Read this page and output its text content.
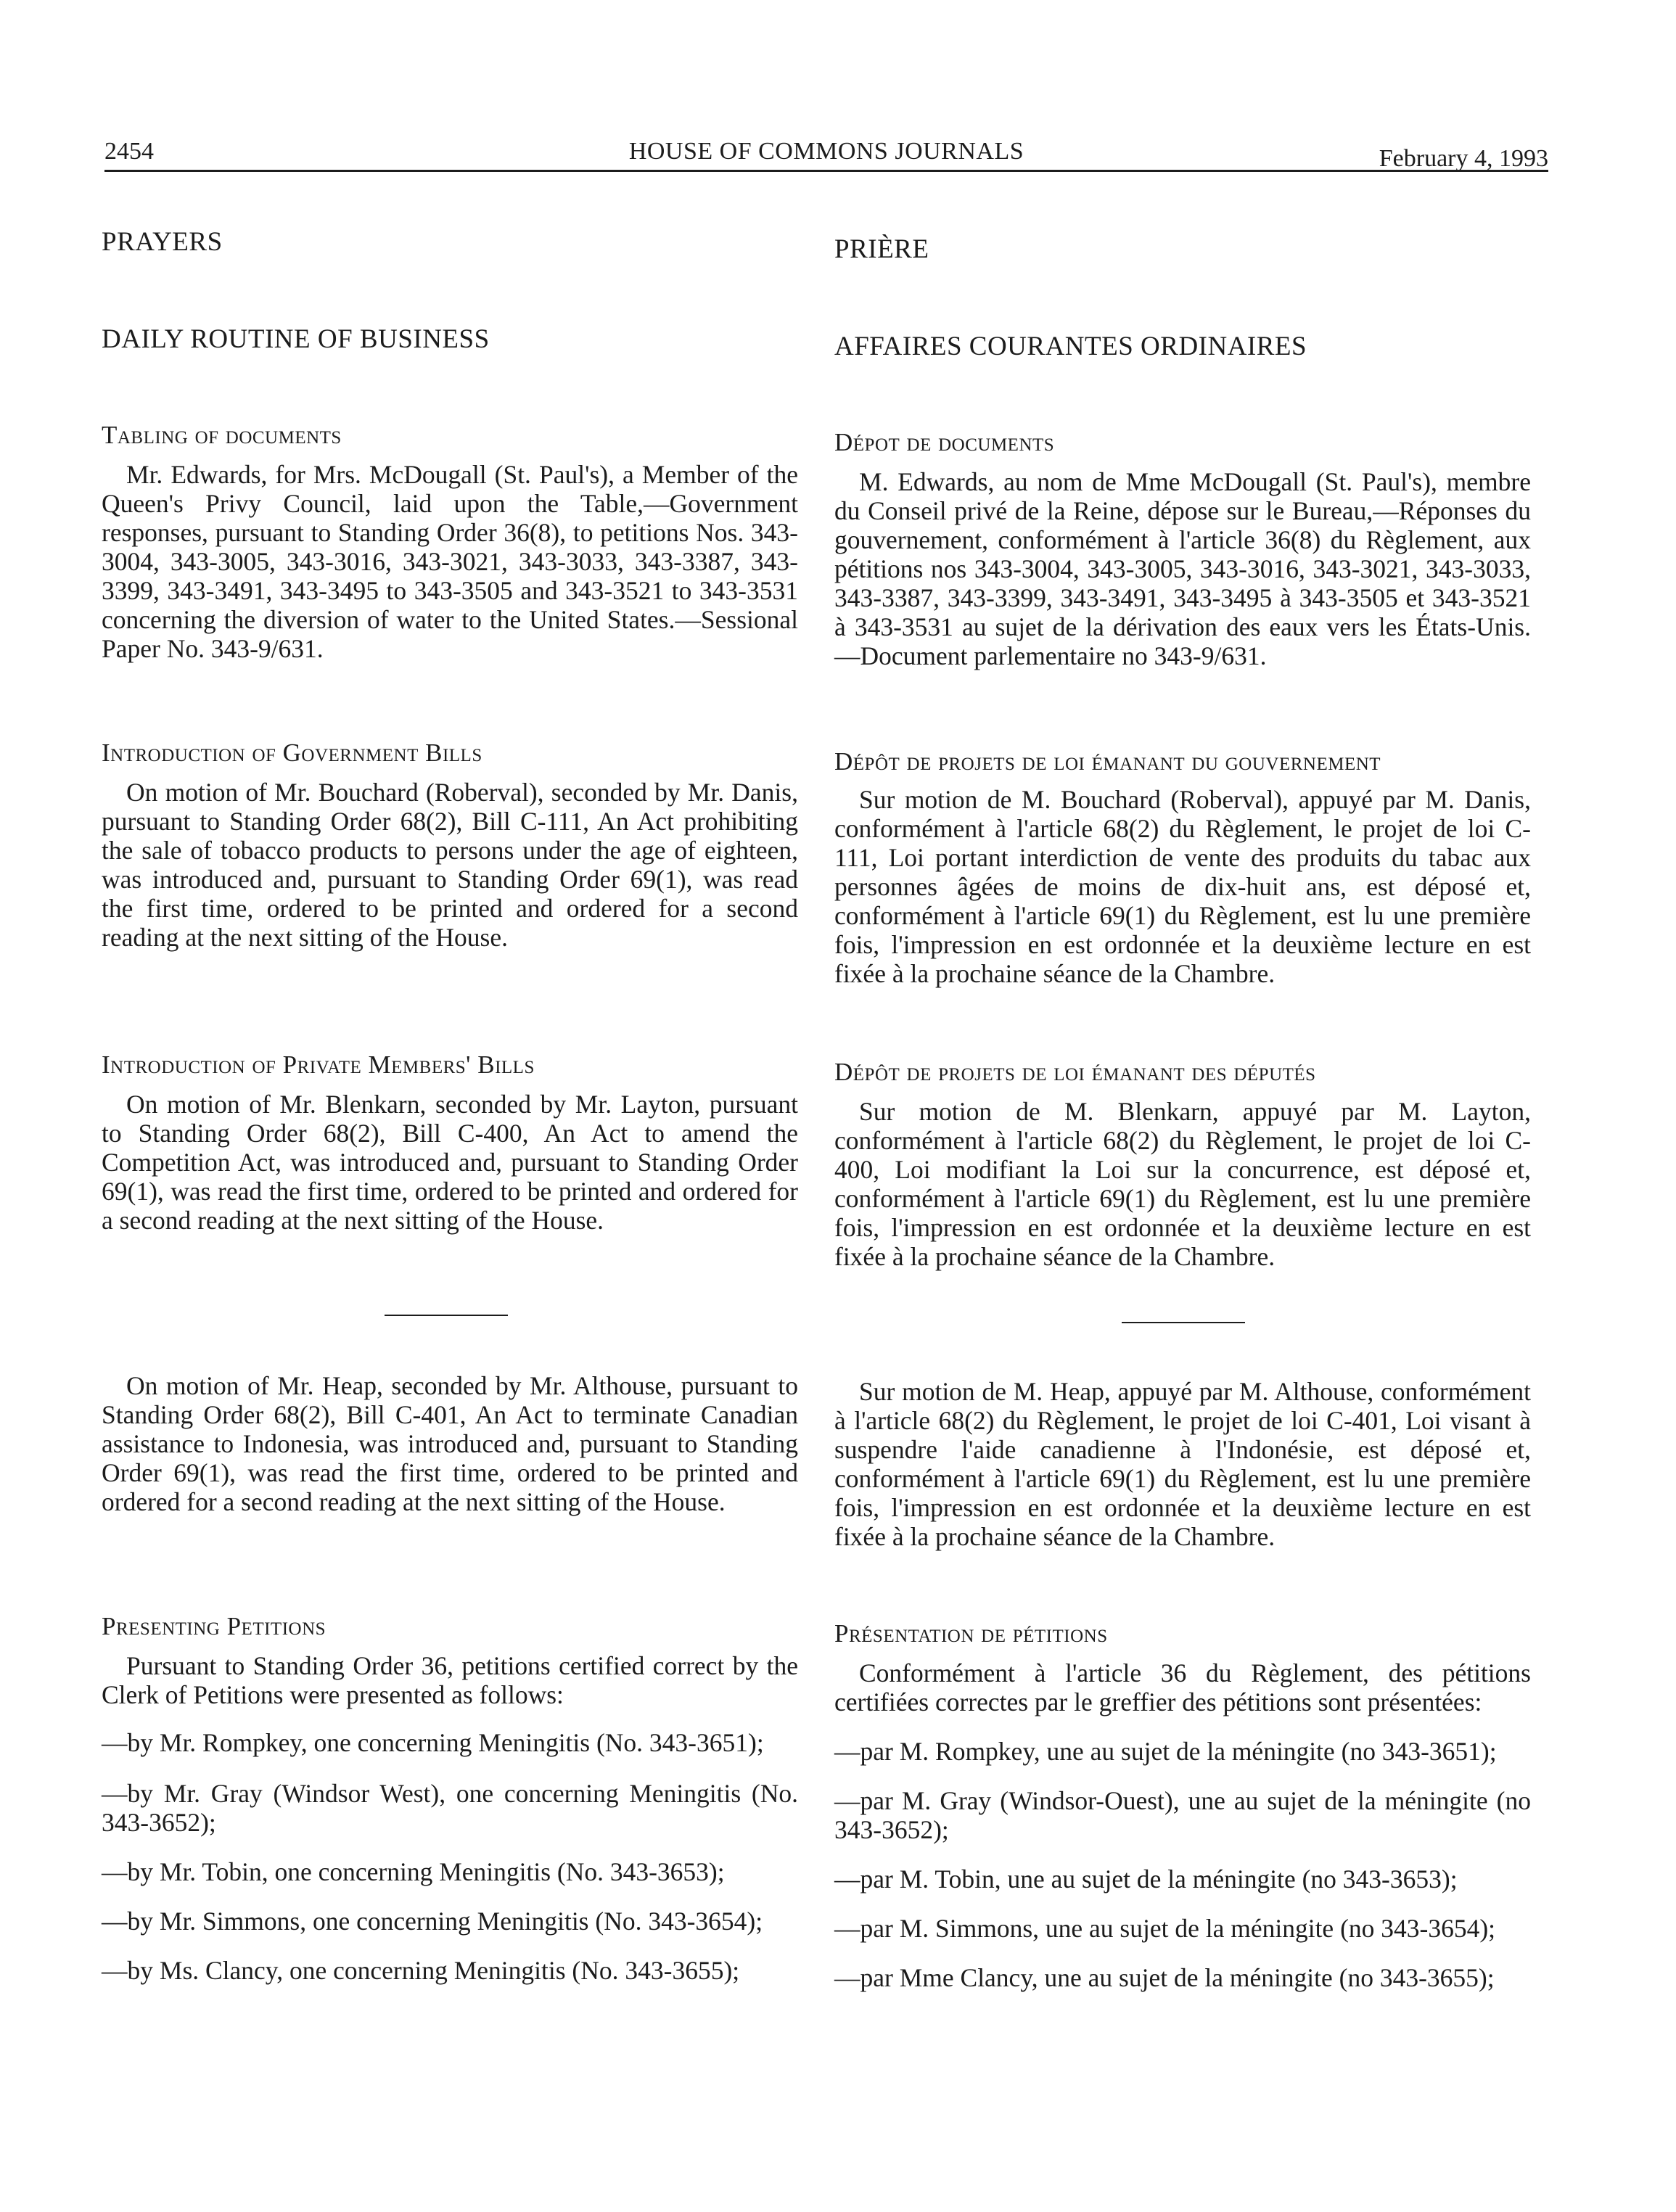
2454	HOUSE OF COMMONS JOURNALS	February 4, 1993
PRAYERS
DAILY ROUTINE OF BUSINESS
Tabling of documents

Mr. Edwards, for Mrs. McDougall (St. Paul's), a Member of the Queen's Privy Council, laid upon the Table,—Government responses, pursuant to Standing Order 36(8), to petitions Nos. 343-3004, 343-3005, 343-3016, 343-3021, 343-3033, 343-3387, 343-3399, 343-3491, 343-3495 to 343-3505 and 343-3521 to 343-3531 concerning the diversion of water to the United States.—Sessional Paper No. 343-9/631.

Introduction of Government Bills

On motion of Mr. Bouchard (Roberval), seconded by Mr. Danis, pursuant to Standing Order 68(2), Bill C-111, An Act prohibiting the sale of tobacco products to persons under the age of eighteen, was introduced and, pursuant to Standing Order 69(1), was read the first time, ordered to be printed and ordered for a second reading at the next sitting of the House.

Introduction of Private Members' Bills

On motion of Mr. Blenkarn, seconded by Mr. Layton, pursuant to Standing Order 68(2), Bill C-400, An Act to amend the Competition Act, was introduced and, pursuant to Standing Order 69(1), was read the first time, ordered to be printed and ordered for a second reading at the next sitting of the House.

On motion of Mr. Heap, seconded by Mr. Althouse, pursuant to Standing Order 68(2), Bill C-401, An Act to terminate Canadian assistance to Indonesia, was introduced and, pursuant to Standing Order 69(1), was read the first time, ordered to be printed and ordered for a second reading at the next sitting of the House.

Presenting Petitions

Pursuant to Standing Order 36, petitions certified correct by the Clerk of Petitions were presented as follows:

—by Mr. Rompkey, one concerning Meningitis (No. 343-3651);

—by Mr. Gray (Windsor West), one concerning Meningitis (No. 343-3652);

—by Mr. Tobin, one concerning Meningitis (No. 343-3653);

—by Mr. Simmons, one concerning Meningitis (No. 343-3654);

—by Ms. Clancy, one concerning Meningitis (No. 343-3655);

PRIÈRE
AFFAIRES COURANTES ORDINAIRES
Dépot de documents

M. Edwards, au nom de Mme McDougall (St. Paul's), membre du Conseil privé de la Reine, dépose sur le Bureau,—Réponses du gouvernement, conformément à l'article 36(8) du Règlement, aux pétitions nos 343-3004, 343-3005, 343-3016, 343-3021, 343-3033, 343-3387, 343-3399, 343-3491, 343-3495 à 343-3505 et 343-3521 à 343-3531 au sujet de la dérivation des eaux vers les États-Unis.—Document parlementaire no 343-9/631.

Dépôt de projets de loi émanant du gouvernement

Sur motion de M. Bouchard (Roberval), appuyé par M. Danis, conformément à l'article 68(2) du Règlement, le projet de loi C-111, Loi portant interdiction de vente des produits du tabac aux personnes âgées de moins de dix-huit ans, est déposé et, conformément à l'article 69(1) du Règlement, est lu une première fois, l'impression en est ordonnée et la deuxième lecture en est fixée à la prochaine séance de la Chambre.

Dépôt de projets de loi émanant des députés

Sur motion de M. Blenkarn, appuyé par M. Layton, conformément à l'article 68(2) du Règlement, le projet de loi C-400, Loi modifiant la Loi sur la concurrence, est déposé et, conformément à l'article 69(1) du Règlement, est lu une première fois, l'impression en est ordonnée et la deuxième lecture en est fixée à la prochaine séance de la Chambre.

Sur motion de M. Heap, appuyé par M. Althouse, conformément à l'article 68(2) du Règlement, le projet de loi C-401, Loi visant à suspendre l'aide canadienne à l'Indonésie, est déposé et, conformément à l'article 69(1) du Règlement, est lu une première fois, l'impression en est ordonnée et la deuxième lecture en est fixée à la prochaine séance de la Chambre.

Présentation de pétitions

Conformément à l'article 36 du Règlement, des pétitions certifiées correctes par le greffier des pétitions sont présentées:

—par M. Rompkey, une au sujet de la méningite (no 343-3651);

—par M. Gray (Windsor-Ouest), une au sujet de la méningite (no 343-3652);

—par M. Tobin, une au sujet de la méningite (no 343-3653);

—par M. Simmons, une au sujet de la méningite (no 343-3654);

—par Mme Clancy, une au sujet de la méningite (no 343-3655);
